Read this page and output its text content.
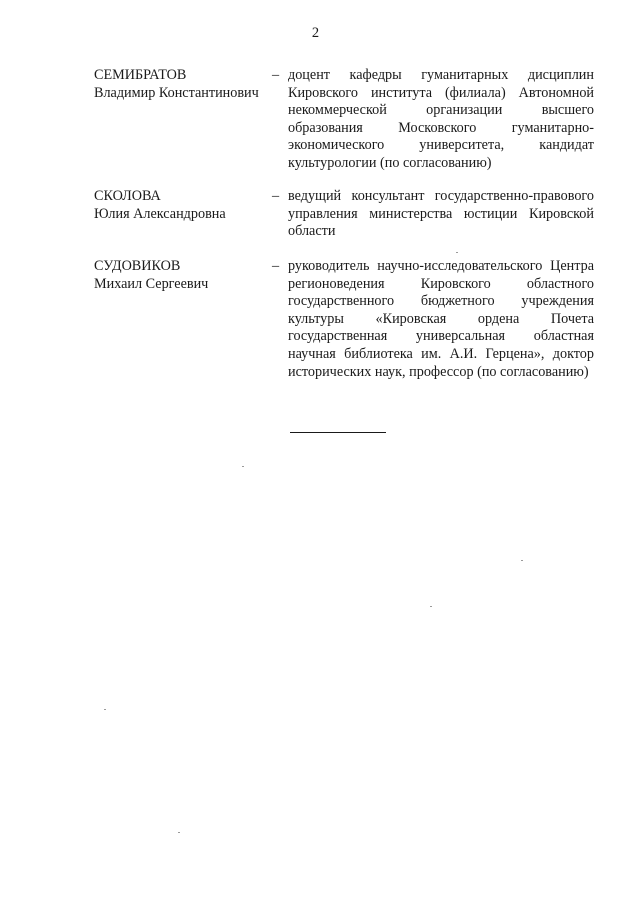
2
СЕМИБРАТОВ
Владимир Константинович
– доцент кафедры гуманитарных дисциплин Кировского института (филиала) Автономной некоммерческой организации высшего образования Московского гуманитарно-экономического университета, кандидат культурологии (по согласованию)
СКОЛОВА
Юлия Александровна
– ведущий консультант государственно-правового управления министерства юстиции Кировской области
СУДОВИКОВ
Михаил Сергеевич
– руководитель научно-исследовательского Центра регионоведения Кировского областного государственного бюджетного учреждения культуры «Кировская ордена Почета государственная универсальная областная научная библиотека им. А.И. Герцена», доктор исторических наук, профессор (по согласованию)
